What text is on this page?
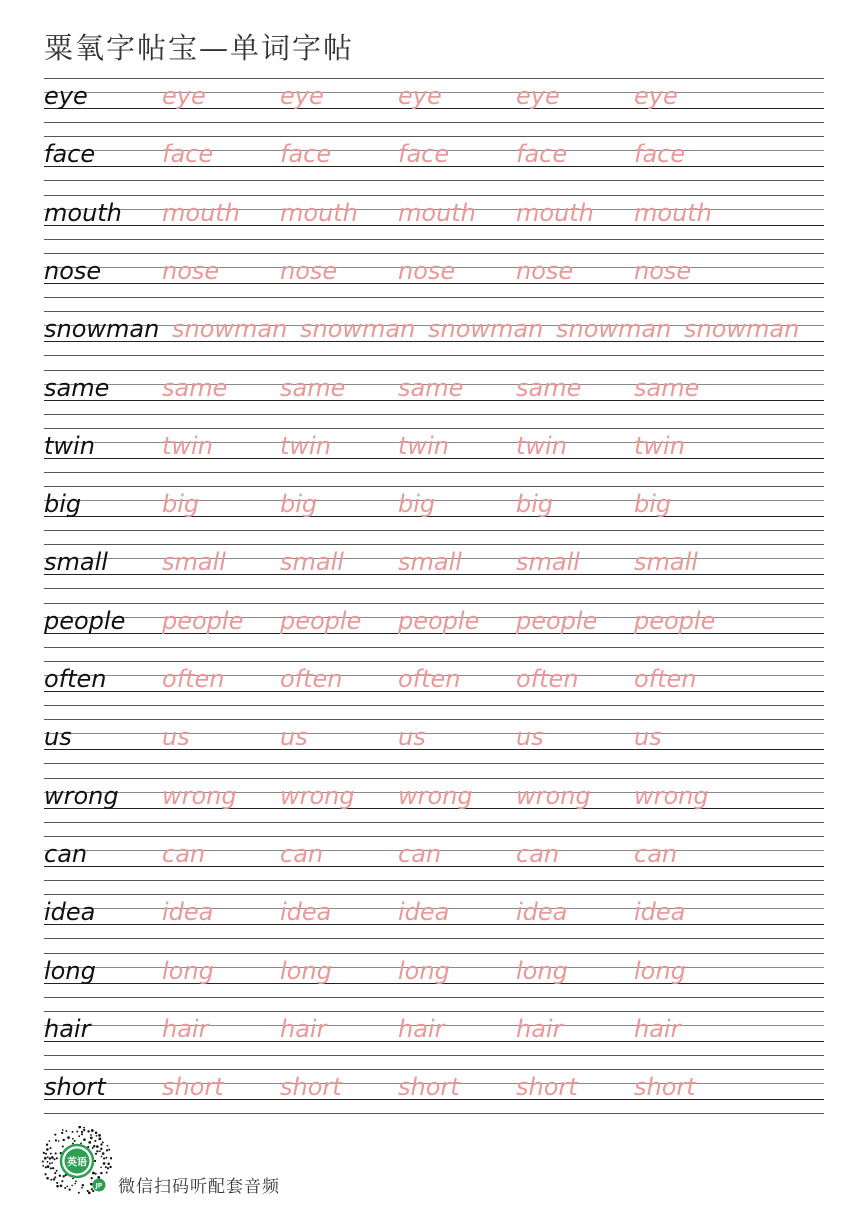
粟氧字帖宝—单词字帖
eye	eye	eye	eye	eye	eye
face	face	face	face	face	face
mouth mouth mouth mouth mouth mouth
nose	nose	nose	nose	nose	nose
snowman snowman snowman snowman snowman snowman
same same same same same same
twin	twin	twin	twin	twin	twin
big	big	big	big	big	big
small small small small small small
people people people people people people
often often often often often often
us	us	us	us	us	us
wrong wrong wrong wrong wrong wrong
can	can	can	can	can	can
idea	idea	idea	idea	idea	idea
long	long	long	long	long	long
hair	hair	hair	hair	hair	hair
short short short short short short
英语
JP 微信扫码听配套音频
